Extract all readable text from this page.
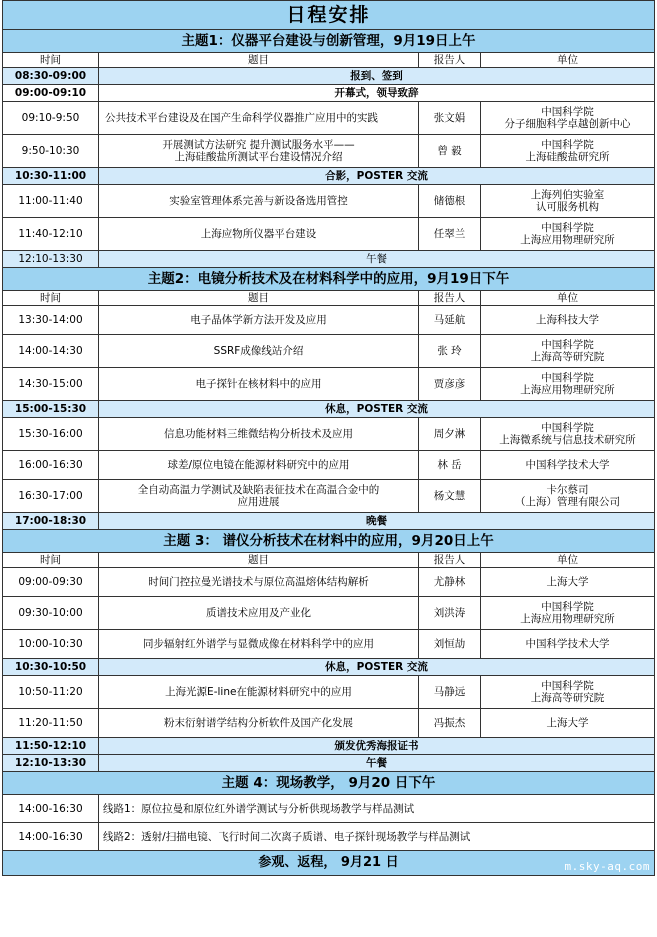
日程安排			
主题1：仪器平台建设与创新管理，9月19日上午			
时间	题目	报告人	单位
08:30-09:00	报到、签到		
09:00-09:10	开幕式，领导致辞		
09:10-9:50	公共技术平台建设及在国产生命科学仪器推广应用中的实践	张文娟	中国科学院
分子细胞科学卓越创新中心
9:50-10:30	开展测试方法研究 提升测试服务水平——
上海硅酸盐所测试平台建设情况介绍	曾 毅	中国科学院
上海硅酸盐研究所
10:30-11:00	合影，POSTER 交流		
11:00-11:40	实验室管理体系完善与新设备选用管控	储德根	上海列伯实验室
认可服务机构
11:40-12:10	上海应物所仪器平台建设	任翠兰	中国科学院
上海应用物理研究所
12:10-13:30	午餐		
主题2：电镜分析技术及在材料科学中的应用，9月19日下午			
时间	题目	报告人	单位
13:30-14:00	电子晶体学新方法开发及应用	马延航	上海科技大学
14:00-14:30	SSRF成像线站介绍	张 玲	中国科学院
上海高等研究院
14:30-15:00	电子探针在核材料中的应用	贾彦彦	中国科学院
上海应用物理研究所
15:00-15:30	休息，POSTER 交流		
15:30-16:00	信息功能材料三维微结构分析技术及应用	周夕淋	中国科学院
上海微系统与信息技术研究所
16:00-16:30	球差/原位电镜在能源材料研究中的应用	林 岳	中国科学技术大学
16:30-17:00	全自动高温力学测试及缺陷表征技术在高温合金中的
应用进展	杨文慧	卡尔蔡司
（上海）管理有限公司
17:00-18:30	晚餐		
主题 3： 谱仪分析技术在材料中的应用，9月20日上午			
时间	题目	报告人	单位
09:00-09:30	时间门控拉曼光谱技术与原位高温熔体结构解析	尤静林	上海大学
09:30-10:00	质谱技术应用及产业化	刘洪涛	中国科学院
上海应用物理研究所
10:00-10:30	同步辐射红外谱学与显微成像在材料科学中的应用	刘恒劼	中国科学技术大学
10:30-10:50	休息，POSTER 交流		
10:50-11:20	上海光源E-line在能源材料研究中的应用	马静远	中国科学院
上海高等研究院
11:20-11:50	粉末衍射谱学结构分析软件及国产化发展	冯振杰	上海大学
11:50-12:10	颁发优秀海报证书		
12:10-13:30	午餐		
主题 4：现场教学， 9月20 日下午			
14:00-16:30	线路1：原位拉曼和原位红外谱学测试与分析供现场教学与样品测试		
14:00-16:30	线路2：透射/扫描电镜、飞行时间二次离子质谱、电子探针现场教学与样品测试		
参观、返程， 9月21 日 m.sky-aq.com			
